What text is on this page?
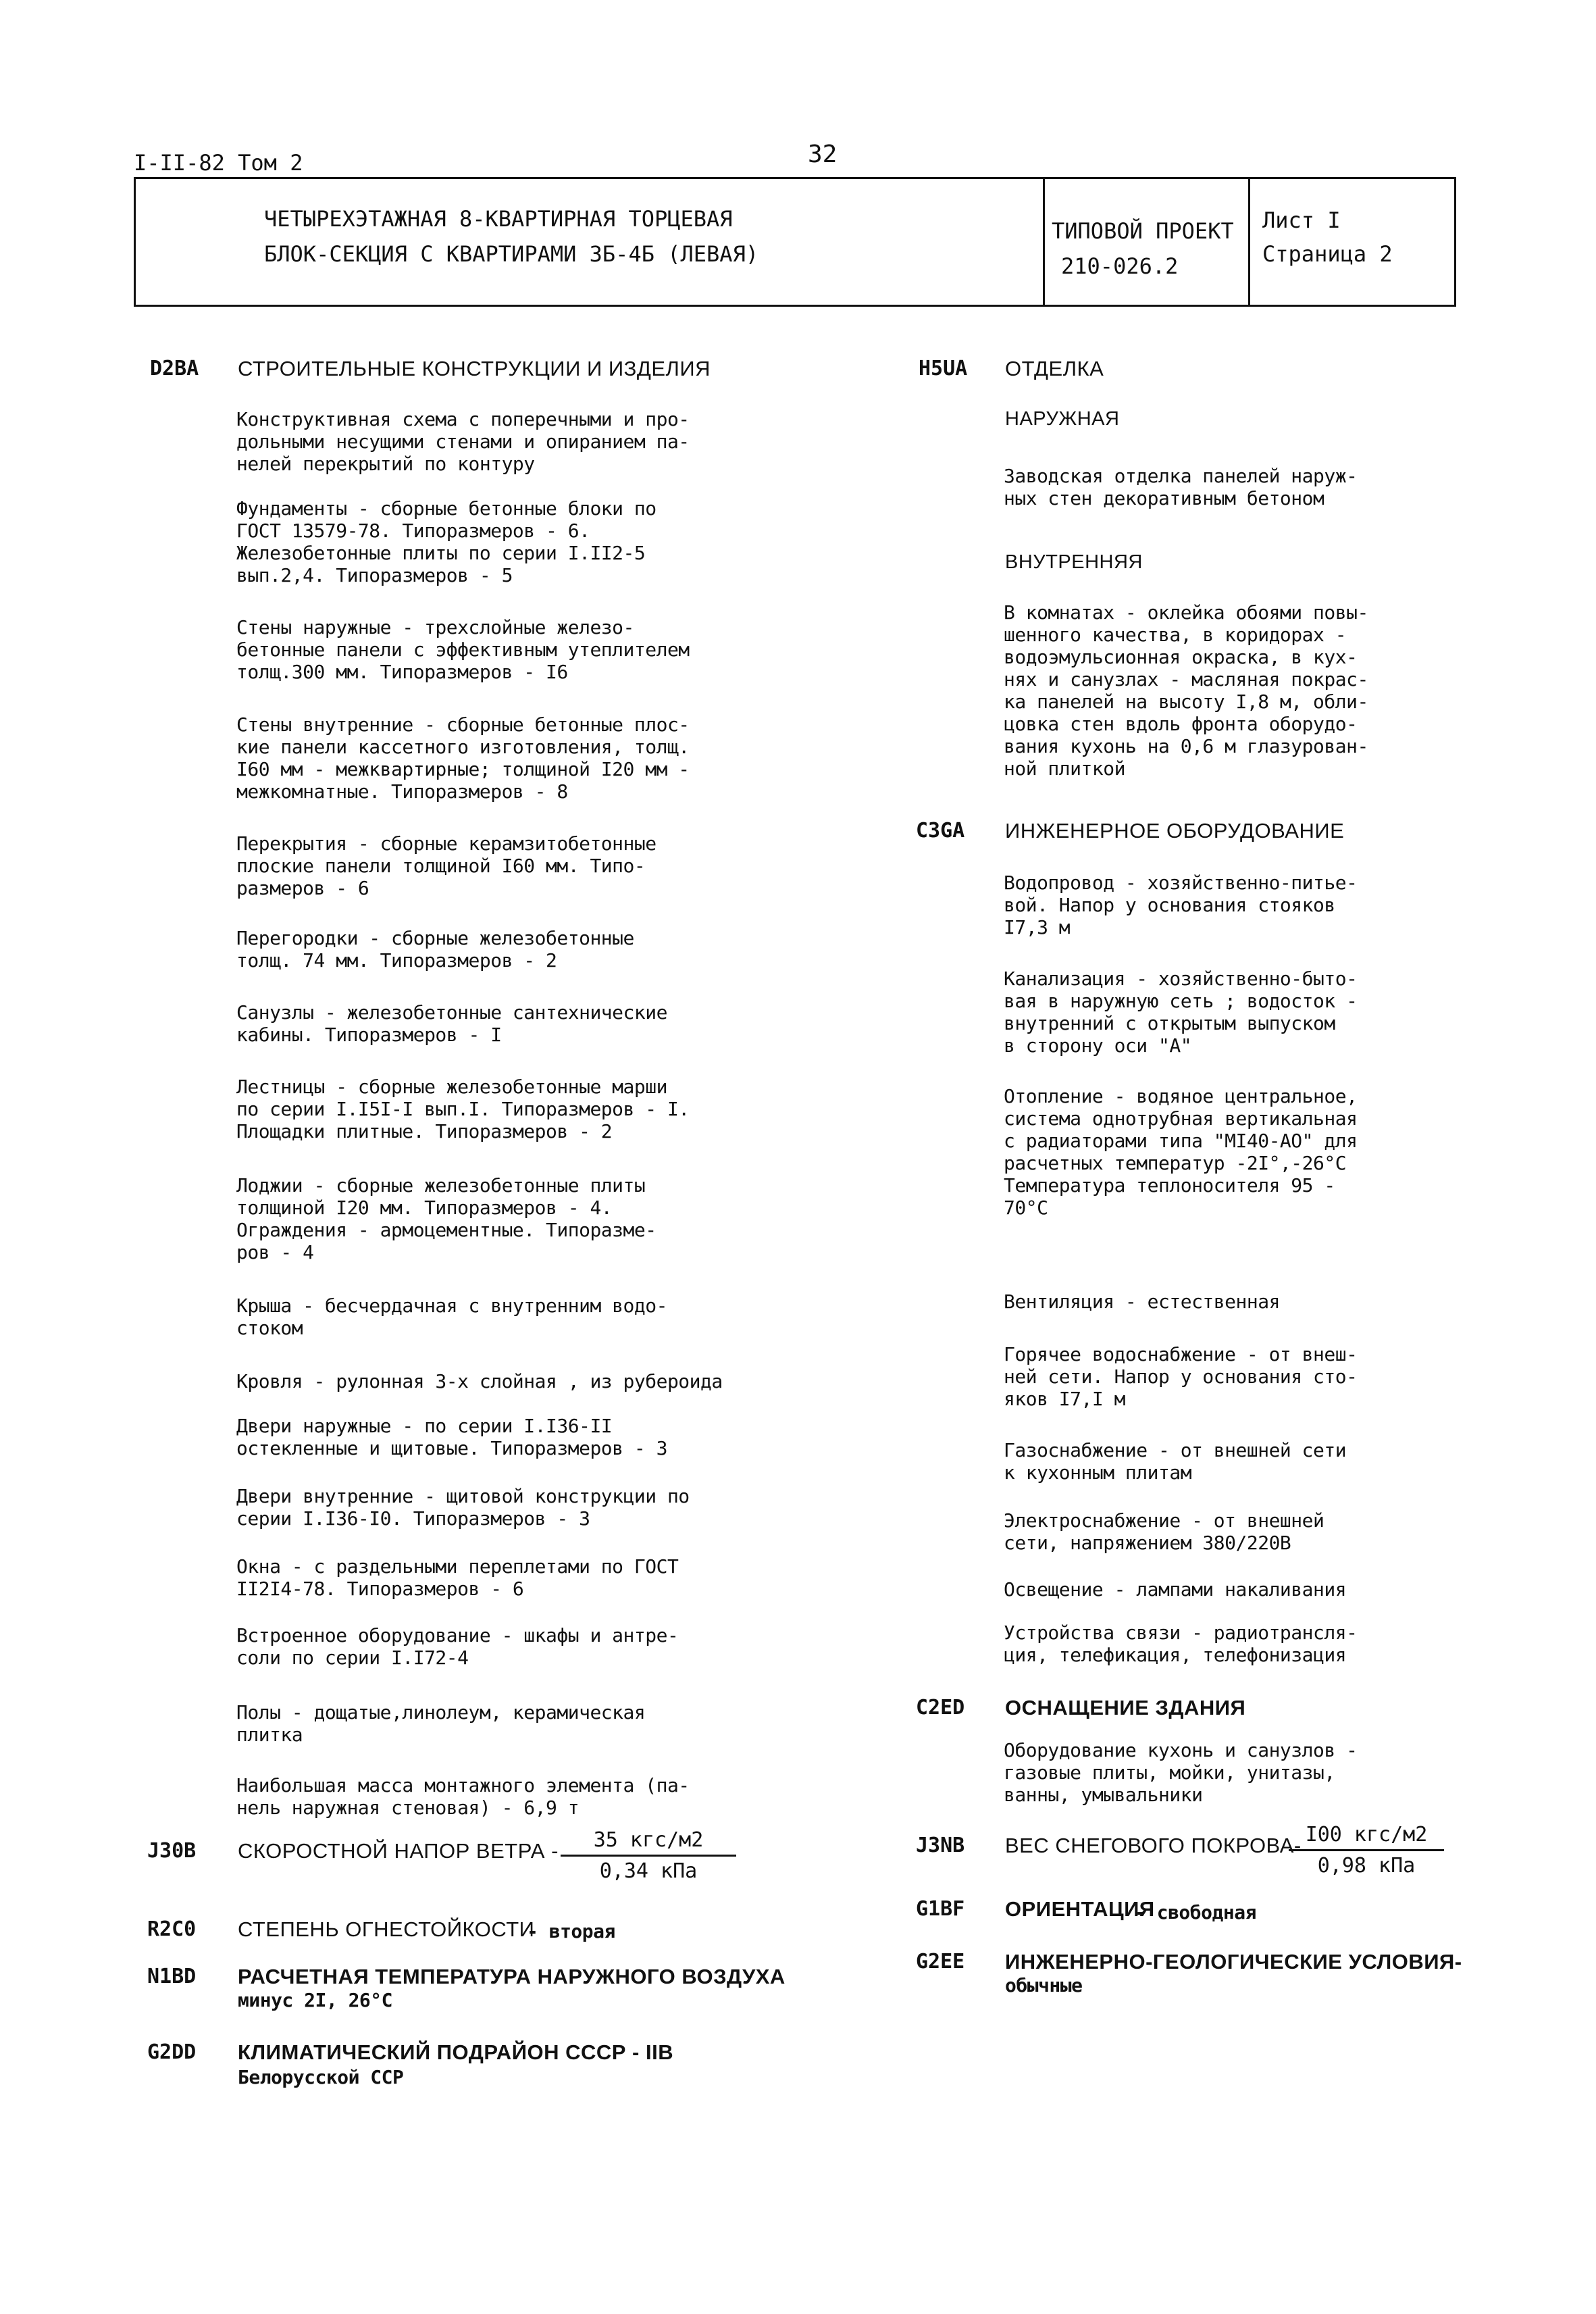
I-II-82 Том 2	32
ЧЕТЫРЕХЭТАЖНАЯ 8-КВАРТИРНАЯ ТОРЦЕВАЯ
БЛОК-СЕКЦИЯ С КВАРТИРАМИ 3Б-4Б (ЛЕВАЯ)
ТИПОВОЙ ПРОЕКТ
210-026.2
Лист I
Страница 2
D2BA СТРОИТЕЛЬНЫЕ КОНСТРУКЦИИ И ИЗДЕЛИЯ
Конструктивная схема с поперечными и про-
дольными несущими стенами и опиранием па-
нелей перекрытий по контуру
Фундаменты - сборные бетонные блоки по
ГОСТ 13579-78. Типоразмеров - 6.
Железобетонные плиты по серии I.II2-5
вып.2,4. Типоразмеров - 5
Стены наружные - трехслойные железо-
бетонные панели с эффективным утеплителем
толщ.300 мм. Типоразмеров - I6
Стены внутренние - сборные бетонные плос-
кие панели кассетного изготовления, толщ.
I60 мм - межквартирные; толщиной I20 мм -
межкомнатные. Типоразмеров - 8
Перекрытия - сборные керамзитобетонные
плоские панели толщиной I60 мм. Типо-
размеров - 6
Перегородки - сборные железобетонные
толщ. 74 мм. Типоразмеров - 2
Санузлы - железобетонные сантехнические
кабины. Типоразмеров - I
Лестницы - сборные железобетонные марши
по серии I.I5I-I вып.I. Типоразмеров - I.
Площадки плитные. Типоразмеров - 2
Лоджии - сборные железобетонные плиты
толщиной I20 мм. Типоразмеров - 4.
Ограждения - армоцементные. Типоразме-
ров - 4
Крыша - бесчердачная с внутренним водо-
стоком
Кровля - рулонная 3-х слойная , из рубероида
Двери наружные - по серии I.I36-II
остекленные и щитовые. Типоразмеров - 3
Двери внутренние - щитовой конструкции по
серии I.I36-I0. Типоразмеров - 3
Окна - с раздельными переплетами по ГОСТ
II2I4-78. Типоразмеров - 6
Встроенное оборудование - шкафы и антре-
соли по серии I.I72-4
Полы - дощатые,линолеум, керамическая
плитка
Наибольшая масса монтажного элемента (па-
нель наружная стеновая) - 6,9 т
J30B СКОРОСТНОЙ НАПОР ВЕТРА -	35 кгс/м2
0,34 кПа
R2C0 СТЕПЕНЬ ОГНЕСТОЙКОСТИ
- вторая
N1BD РАСЧЕТНАЯ ТЕМПЕРАТУРА НАРУЖНОГО ВОЗДУХА
минус 2I, 26°С
G2DD КЛИМАТИЧЕСКИЙ ПОДРАЙОН СССР - IIВ
Белорусской ССР
H5UA ОТДЕЛКА
НАРУЖНАЯ
Заводская отделка панелей наруж-
ных стен декоративным бетоном
ВНУТРЕННЯЯ
В комнатах - оклейка обоями повы-
шенного качества, в коридорах -
водоэмульсионная окраска, в кух-
нях и санузлах - масляная покрас-
ка панелей на высоту I,8 м, обли-
цовка стен вдоль фронта оборудо-
вания кухонь на 0,6 м глазурован-
ной плиткой
C3GA ИНЖЕНЕРНОЕ ОБОРУДОВАНИЕ
Водопровод - хозяйственно-питье-
вой. Напор у основания стояков
I7,3 м
Канализация - хозяйственно-быто-
вая в наружную сеть ; водосток -
внутренний с открытым выпуском
в сторону оси "А"
Отопление - водяное центральное,
система однотрубная вертикальная
с радиаторами типа "МI40-АО" для
расчетных температур -2I°,-26°С
Температура теплоносителя 95 -
70°С
Вентиляция - естественная
Горячее водоснабжение - от внеш-
ней сети. Напор у основания сто-
яков I7,I м
Газоснабжение - от внешней сети
к кухонным плитам
Электроснабжение - от внешней
сети, напряжением 380/220В
Освещение - лампами накаливания
Устройства связи - радиотрансля-
ция, телефикация, телефонизация
C2ED ОСНАЩЕНИЕ ЗДАНИЯ
Оборудование кухонь и санузлов -
газовые плиты, мойки, унитазы,
ванны, умывальники
J3NB ВЕС СНЕГОВОГО ПОКРОВА- I00 кгс/м2
0,98 кПа
G1BF ОРИЕНТАЦИЯ
- свободная
G2EE ИНЖЕНЕРНО-ГЕОЛОГИЧЕСКИЕ УСЛОВИЯ-
обычные
